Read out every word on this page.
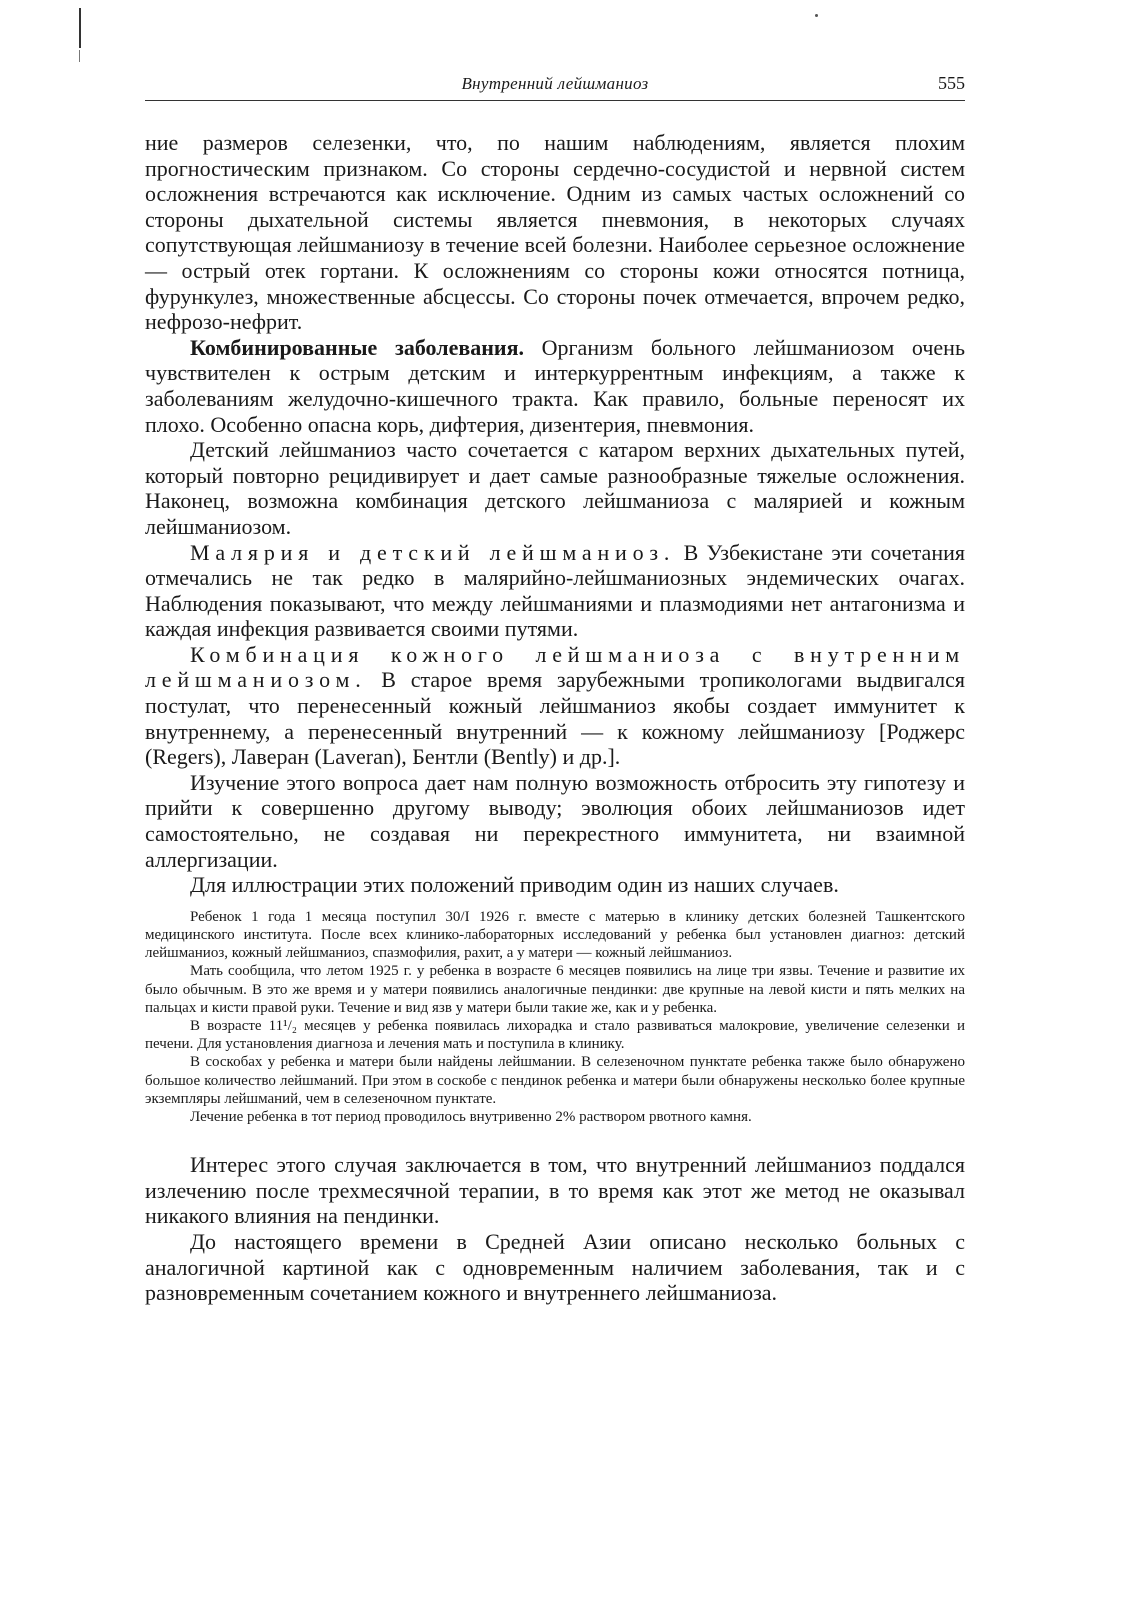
Внутренний лейшманиоз	555

ние размеров селезенки, что, по нашим наблюдениям, является плохим прогностическим признаком. Со стороны сердечно-сосудистой и нервной систем осложнения встречаются как исключение. Одним из самых частых осложнений со стороны дыхательной системы является пневмония, в некоторых случаях сопутствующая лейшманиозу в течение всей болезни. Наиболее серьезное осложнение— острый отек гортани. К осложнениям со стороны кожи относятся потница, фурункулез, множественные абсцессы. Со стороны почек отмечается, впрочем редко, нефрозо-нефрит.

Комбинированные заболевания. Организм больного лейшманиозом очень чувствителен к острым детским и интеркуррентным инфекциям, а также к заболеваниям желудочно-кишечного тракта. Как правило, больные переносят их плохо. Особенно опасна корь, дифтерия, дизентерия, пневмония.

Детский лейшманиоз часто сочетается с катаром верхних дыхательных путей, который повторно рецидивирует и дает самые разнообразные тяжелые осложнения. Наконец, возможна комбинация детского лейшманиоза с малярией и кожным лейшманиозом.

Малярия и детский лейшманиоз. В Узбекистане эти сочетания отмечались не так редко в малярийно-лейшманиозных эндемических очагах. Наблюдения показывают, что между лейшманиями и плазмодиями нет антагонизма и каждая инфекция развивается своими путями.

Комбинация кожного лейшманиоза с внутренним лейшманиозом. В старое время зарубежными тропикологами выдвигался постулат, что перенесенный кожный лейшманиоз якобы создает иммунитет к внутреннему, а перенесенный внутренний — к кожному лейшманиозу [Роджерс (Regers), Лаверан (Laveran), Бентли (Bently) и др.].

Изучение этого вопроса дает нам полную возможность отбросить эту гипотезу и прийти к совершенно другому выводу; эволюция обоих лейшманиозов идет самостоятельно, не создавая ни перекрестного иммунитета, ни взаимной аллергизации.

Для иллюстрации этих положений приводим один из наших случаев.

Ребенок 1 года 1 месяца поступил 30/I 1926 г. вместе с матерью в клинику детских болезней Ташкентского медицинского института. После всех клинико-лабораторных исследований у ребенка был установлен диагноз: детский лейшманиоз, кожный лейшманиоз, спазмофилия, рахит, а у матери — кожный лейшманиоз.

Мать сообщила, что летом 1925 г. у ребенка в возрасте 6 месяцев появились на лице три язвы. Течение и развитие их было обычным. В это же время и у матери появились аналогичные пендинки: две крупные на левой кисти и пять мелких на пальцах и кисти правой руки. Течение и вид язв у матери были такие же, как и у ребенка.

В возрасте 11¹/₂ месяцев у ребенка появилась лихорадка и стало развиваться малокровие, увеличение селезенки и печени. Для установления диагноза и лечения мать и поступила в клинику.

В соскобах у ребенка и матери были найдены лейшмании. В селезеночном пунктате ребенка также было обнаружено большое количество лейшманий. При этом в соскобе с пендинок ребенка и матери были обнаружены несколько более крупные экземпляры лейшманий, чем в селезеночном пунктате.

Лечение ребенка в тот период проводилось внутривенно 2% раствором рвотного камня.

Интерес этого случая заключается в том, что внутренний лейшманиоз поддался излечению после трехмесячной терапии, в то время как этот же метод не оказывал никакого влияния на пендинки.

До настоящего времени в Средней Азии описано несколько больных с аналогичной картиной как с одновременным наличием заболевания, так и с разновременным сочетанием кожного и внутреннего лейшманиоза.
